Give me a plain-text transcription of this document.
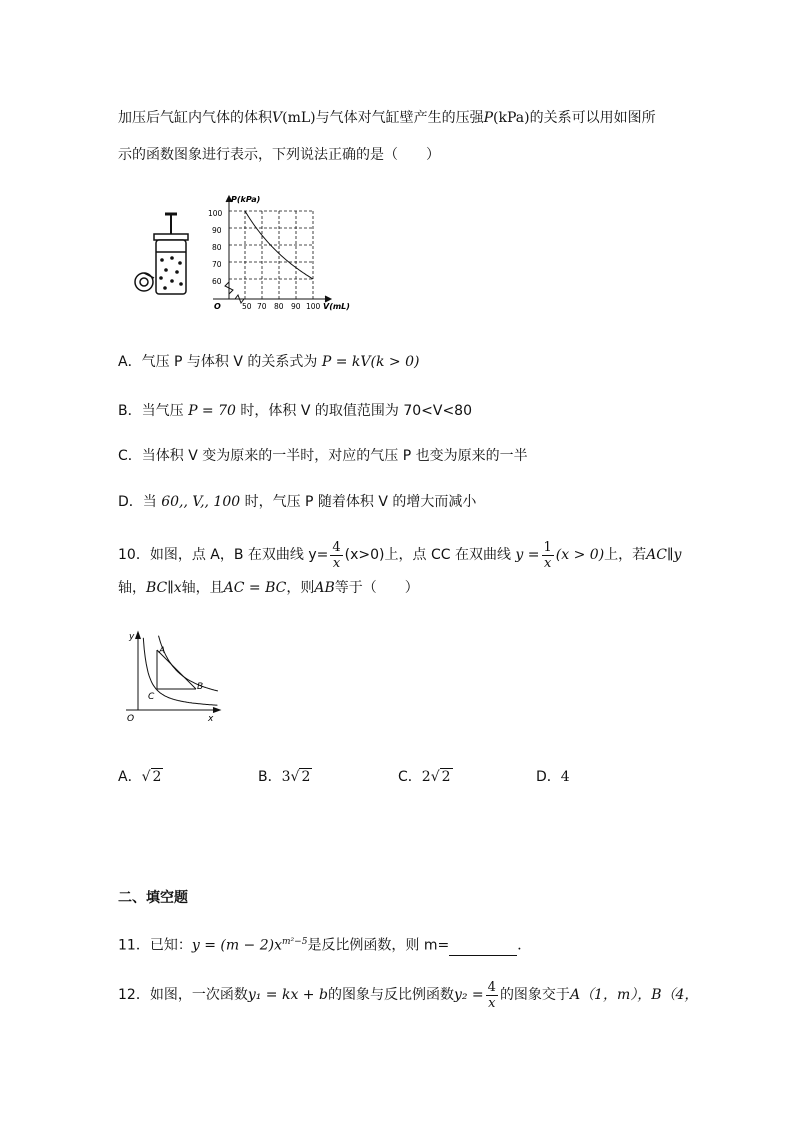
加压后气缸内气体的体积V(mL)与气体对气缸壁产生的压强P(kPa)的关系可以用如图所
示的函数图象进行表示，下列说法正确的是（　　）
P(kPa)
V(mL)
O
100
90
80
70
60
50 70 80 90 100
A．气压 P 与体积 V 的关系式为 P = kV(k > 0)
B．当气压 P = 70 时，体积 V 的取值范围为 70<V<80
C．当体积 V 变为原来的一半时，对应的气压 P 也变为原来的一半
D．当 60,, V,, 100 时，气压 P 随着体积 V 的增大而减小
10．如图，点 A，B 在双曲线 $y= \frac{4}{x} (x>0)$上，点 CC 在双曲线 $y = \frac{1}{x} (x > 0)$上，若AC∥y
轴，BC∥x轴，且AC = BC，则AB等于（　　）
y
x
O
A
B
C
A．√ 2	B．3√ 2	C．2√ 2	D．4
二、填空题
11．已知：$y = (m - 2)x^{m^2-5}$是反比例函数，则 m=	．
12．如图，一次函数y₁ = kx + b的图象与反比例函数$y_2 = \frac{4}{x}$ 的图象交于A（1，m），B（4，
